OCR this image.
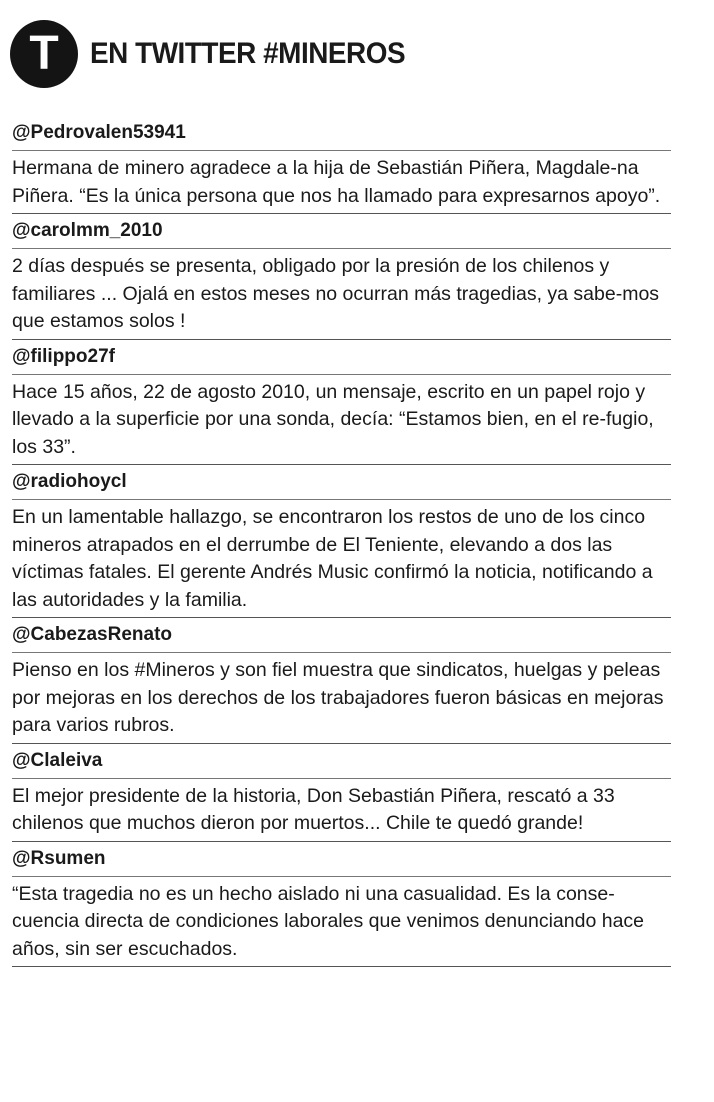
T EN TWITTER #MINEROS
@Pedrovalen53941
Hermana de minero agradece a la hija de Sebastián Piñera, Magdale-na Piñera. “Es la única persona que nos ha llamado para expresarnos apoyo”.
@carolmm_2010
2 días después se presenta, obligado por la presión de los chilenos y familiares ... Ojalá en estos meses no ocurran más tragedias, ya sabe-mos que estamos solos !
@filippo27f
Hace 15 años, 22 de agosto 2010, un mensaje, escrito en un papel rojo y llevado a la superficie por una sonda, decía: “Estamos bien, en el re-fugio, los 33”.
@radiohoycl
En un lamentable hallazgo, se encontraron los restos de uno de los cinco mineros atrapados en el derrumbe de El Teniente, elevando a dos las víctimas fatales. El gerente Andrés Music confirmó la noticia, notificando a las autoridades y la familia.
@CabezasRenato
Pienso en los #Mineros y son fiel muestra que sindicatos, huelgas y peleas por mejoras en los derechos de los trabajadores fueron básicas en mejoras para varios rubros.
@Claleiva
El mejor presidente de la historia, Don Sebastián Piñera, rescató a 33 chilenos que muchos dieron por muertos... Chile te quedó grande!
@Rsumen
“Esta tragedia no es un hecho aislado ni una casualidad. Es la conse-cuencia directa de condiciones laborales que venimos denunciando hace años, sin ser escuchados.
